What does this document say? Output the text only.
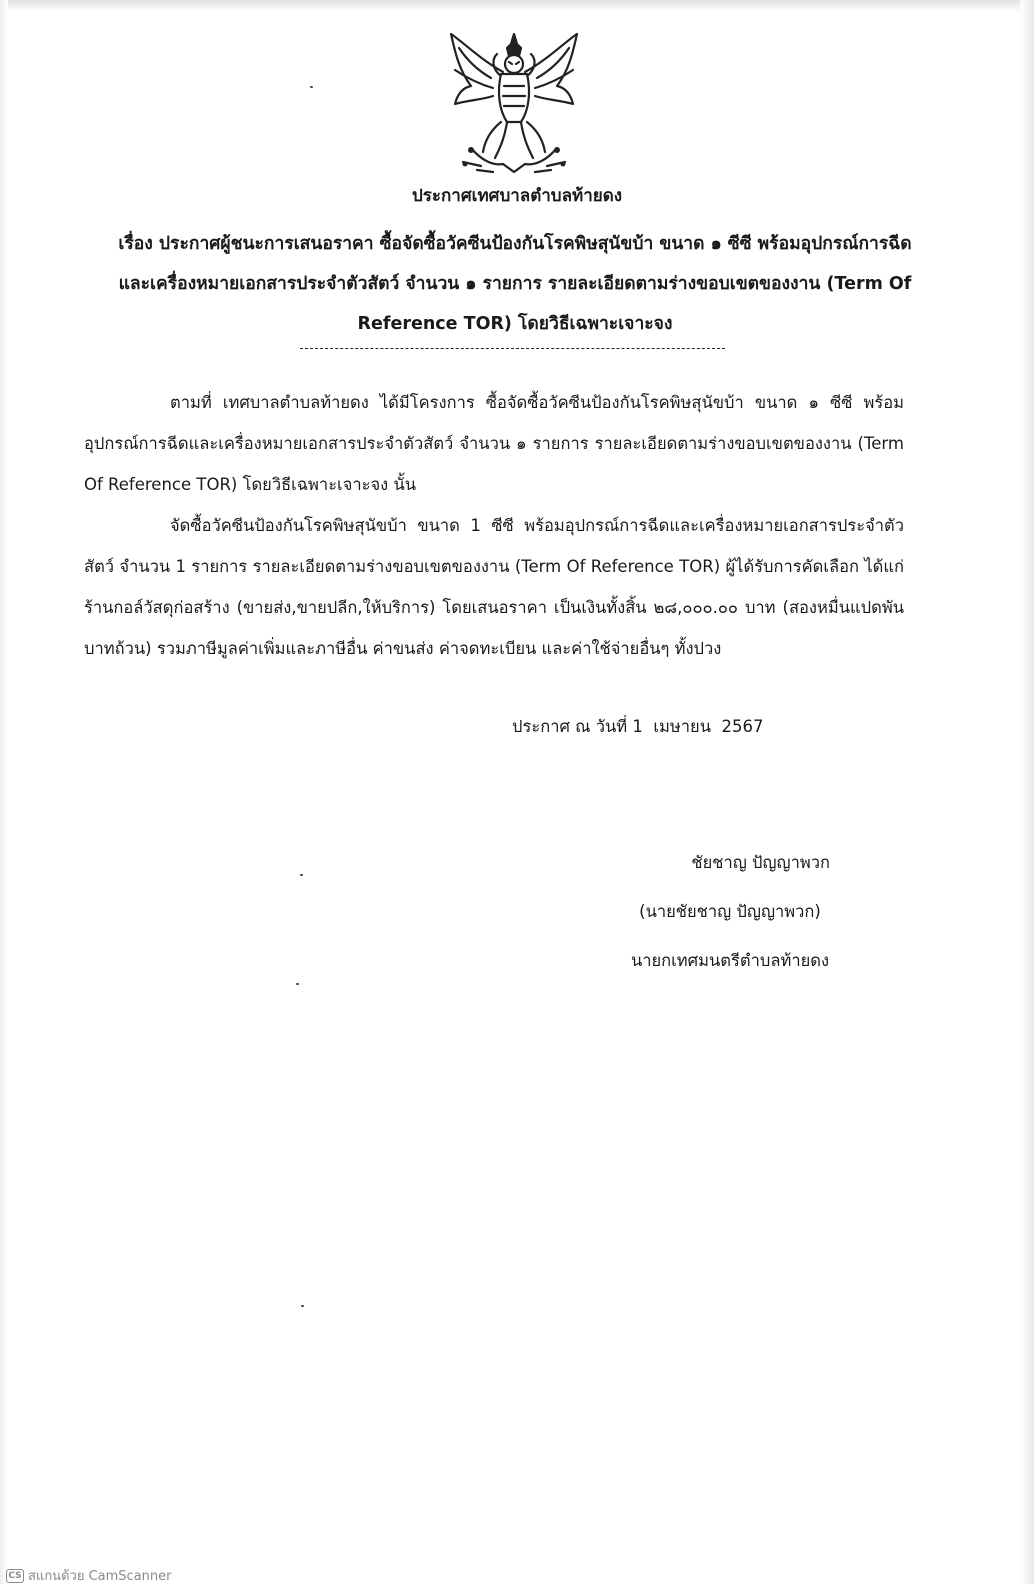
ประกาศเทศบาลตำบลท้ายดง
เรื่อง ประกาศผู้ชนะการเสนอราคา ซื้อจัดซื้อวัคซีนป้องกันโรคพิษสุนัขบ้า ขนาด ๑ ซีซี พร้อมอุปกรณ์การฉีด
และเครื่องหมายเอกสารประจำตัวสัตว์ จำนวน ๑ รายการ รายละเอียดตามร่างขอบเขตของงาน (Term Of
Reference TOR) โดยวิธีเฉพาะเจาะจง
ตามที่ เทศบาลตำบลท้ายดง ได้มีโครงการ ซื้อจัดซื้อวัคซีนป้องกันโรคพิษสุนัขบ้า ขนาด ๑ ซีซี พร้อมอุปกรณ์การฉีดและเครื่องหมายเอกสารประจำตัวสัตว์ จำนวน ๑ รายการ รายละเอียดตามร่างขอบเขตของงาน (Term Of Reference TOR) โดยวิธีเฉพาะเจาะจง นั้น
จัดซื้อวัคซีนป้องกันโรคพิษสุนัขบ้า ขนาด 1 ซีซี พร้อมอุปกรณ์การฉีดและเครื่องหมายเอกสารประจำตัวสัตว์ จำนวน 1 รายการ รายละเอียดตามร่างขอบเขตของงาน (Term Of Reference TOR) ผู้ได้รับการคัดเลือก ได้แก่ ร้านกอล์วัสดุก่อสร้าง (ขายส่ง,ขายปลีก,ให้บริการ) โดยเสนอราคา เป็นเงินทั้งสิ้น ๒๘,๐๐๐.๐๐ บาท (สองหมื่นแปดพันบาทถ้วน) รวมภาษีมูลค่าเพิ่มและภาษีอื่น ค่าขนส่ง ค่าจดทะเบียน และค่าใช้จ่ายอื่นๆ ทั้งปวง
ประกาศ ณ วันที่ 1  เมษายน  2567
ชัยชาญ ปัญญาพวก
(นายชัยชาญ ปัญญาพวก)
นายกเทศมนตรีตำบลท้ายดง
CS สแกนด้วย CamScanner
